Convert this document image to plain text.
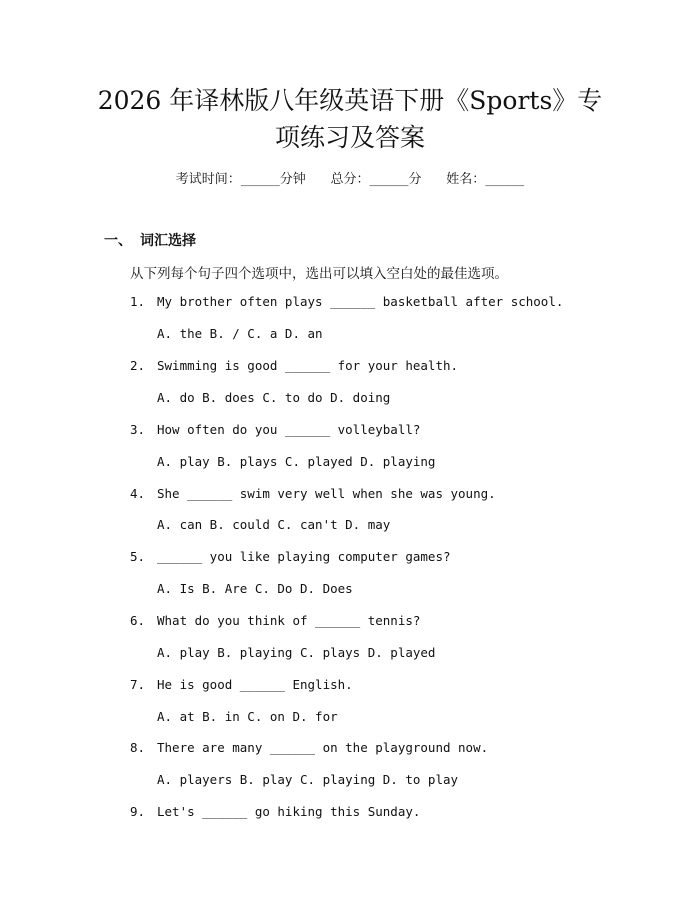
2026 年译林版八年级英语下册《Sports》专
项练习及答案
考试时间：______分钟      总分：______分      姓名：______
一、 词汇选择
从下列每个句子四个选项中，选出可以填入空白处的最佳选项。
1. My brother often plays ______ basketball after school.
A. the B. / C. a D. an
2. Swimming is good ______ for your health.
A. do B. does C. to do D. doing
3. How often do you ______ volleyball?
A. play B. plays C. played D. playing
4. She ______ swim very well when she was young.
A. can B. could C. can't D. may
5. ______ you like playing computer games?
A. Is B. Are C. Do D. Does
6. What do you think of ______ tennis?
A. play B. playing C. plays D. played
7. He is good ______ English.
A. at B. in C. on D. for
8. There are many ______ on the playground now.
A. players B. play C. playing D. to play
9. Let's ______ go hiking this Sunday.
